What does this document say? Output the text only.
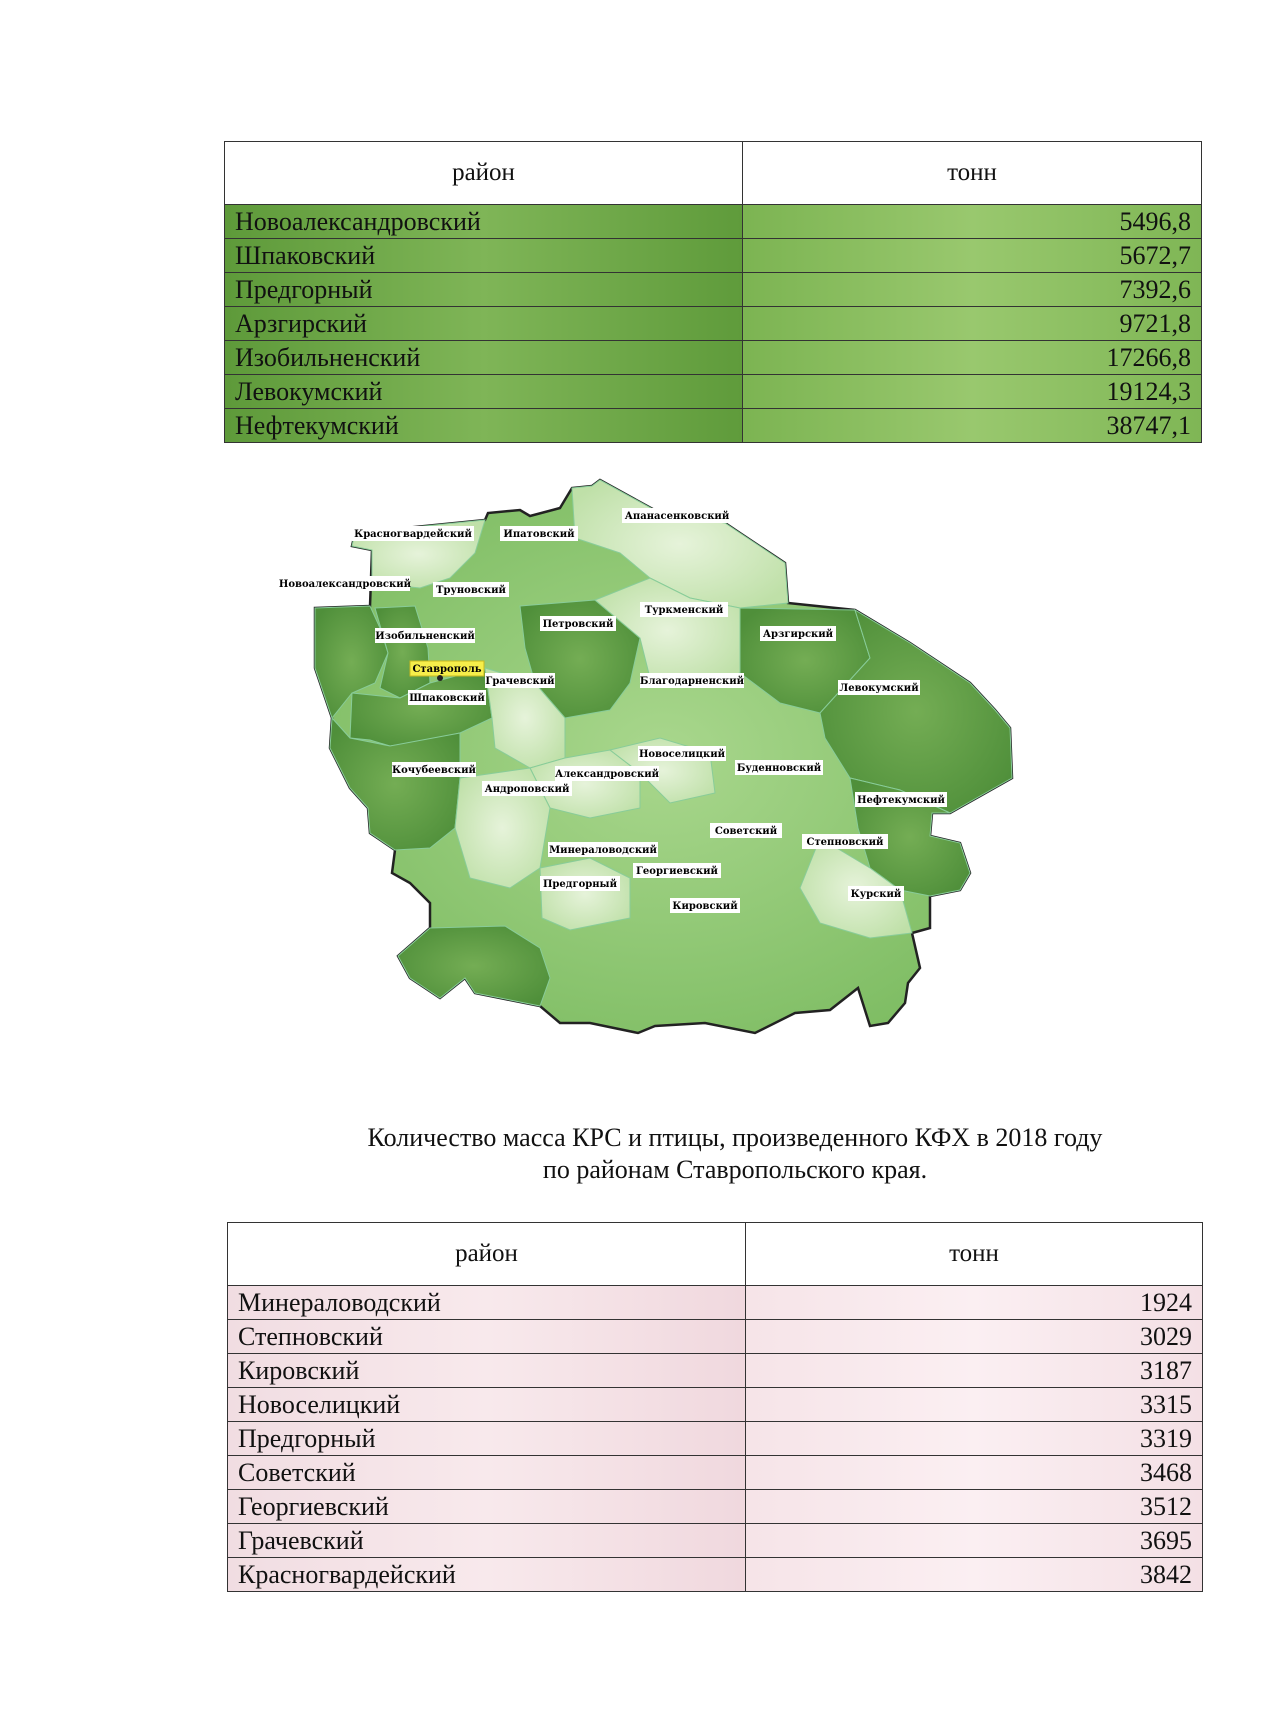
район	тонн
Новоалександровский	5496,8
Шпаковский	5672,7
Предгорный	7392,6
Арзгирский	9721,8
Изобильненский	17266,8
Левокумский	19124,3
Нефтекумский	38747,1
Красногвардейский	Ипатовский
Апанасенковский
Новоалександровский
Труновский
Туркменский
Петровский
Арзгирский
Изобильненский
Ставрополь
Грачевский	Благодарненский
Левокумский
Шпаковский
Новоселицкий
Кочубеевский	Александровский
Буденновский
Андроповский
Нефтекумский
Советский
Степновский
Минераловодский
Георгиевский
Предгорный
Курский
Кировский
Количество масса КРС и птицы, произведенного КФХ в 2018 году
по районам Ставропольского края.
район	тонн
Минераловодский	1924
Степновский	3029
Кировский	3187
Новоселицкий	3315
Предгорный	3319
Советский	3468
Георгиевский	3512
Грачевский	3695
Красногвардейский	3842
